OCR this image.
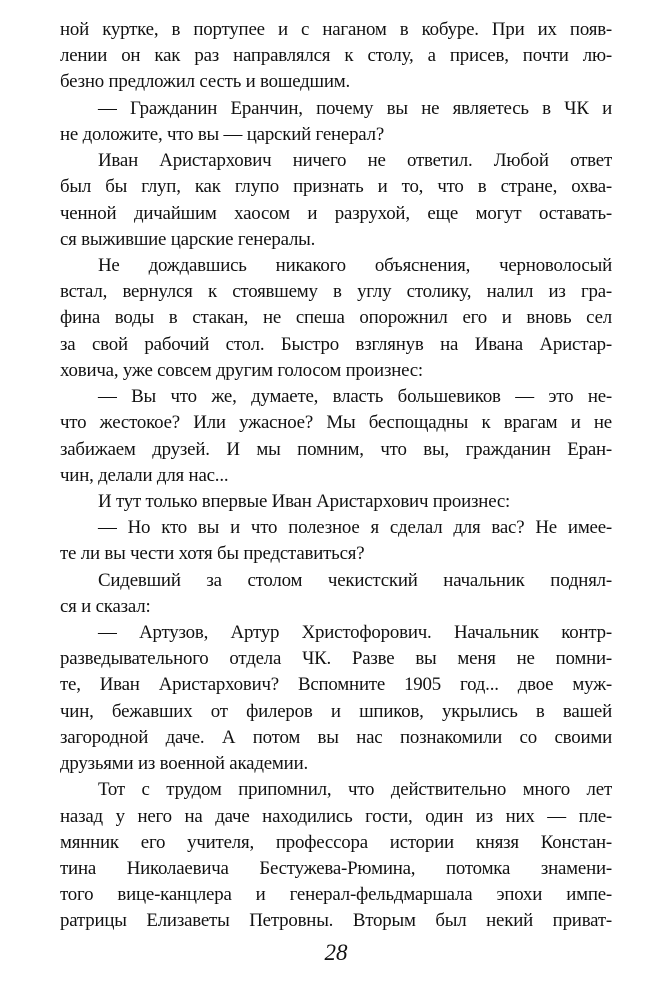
ной куртке, в портупее и с наганом в кобуре. При их появ-
лении он как раз направлялся к столу, а присев, почти лю-
безно предложил сесть и вошедшим.
— Гражданин Еранчин, почему вы не являетесь в ЧК и
не доложите, что вы — царский генерал?
Иван Аристархович ничего не ответил. Любой ответ
был бы глуп, как глупо признать и то, что в стране, охва-
ченной дичайшим хаосом и разрухой, еще могут оставать-
ся выжившие царские генералы.
Не дождавшись никакого объяснения, черноволосый
встал, вернулся к стоявшему в углу столику, налил из гра-
фина воды в стакан, не спеша опорожнил его и вновь сел
за свой рабочий стол. Быстро взглянув на Ивана Аристар-
ховича, уже совсем другим голосом произнес:
— Вы что же, думаете, власть большевиков — это не-
что жестокое? Или ужасное? Мы беспощадны к врагам и не
забижаем друзей. И мы помним, что вы, гражданин Еран-
чин, делали для нас...
И тут только впервые Иван Аристархович произнес:
— Но кто вы и что полезное я сделал для вас? Не имее-
те ли вы чести хотя бы представиться?
Сидевший за столом чекистский начальник поднял-
ся и сказал:
— Артузов, Артур Христофорович. Начальник контр-
разведывательного отдела ЧК. Разве вы меня не помни-
те, Иван Аристархович? Вспомните 1905 год... двое муж-
чин, бежавших от филеров и шпиков, укрылись в вашей
загородной даче. А потом вы нас познакомили со своими
друзьями из военной академии.
Тот с трудом припомнил, что действительно много лет
назад у него на даче находились гости, один из них — пле-
мянник его учителя, профессора истории князя Констан-
тина Николаевича Бестужева-Рюмина, потомка знамени-
того вице-канцлера и генерал-фельдмаршала эпохи импе-
ратрицы Елизаветы Петровны. Вторым был некий приват-
28
